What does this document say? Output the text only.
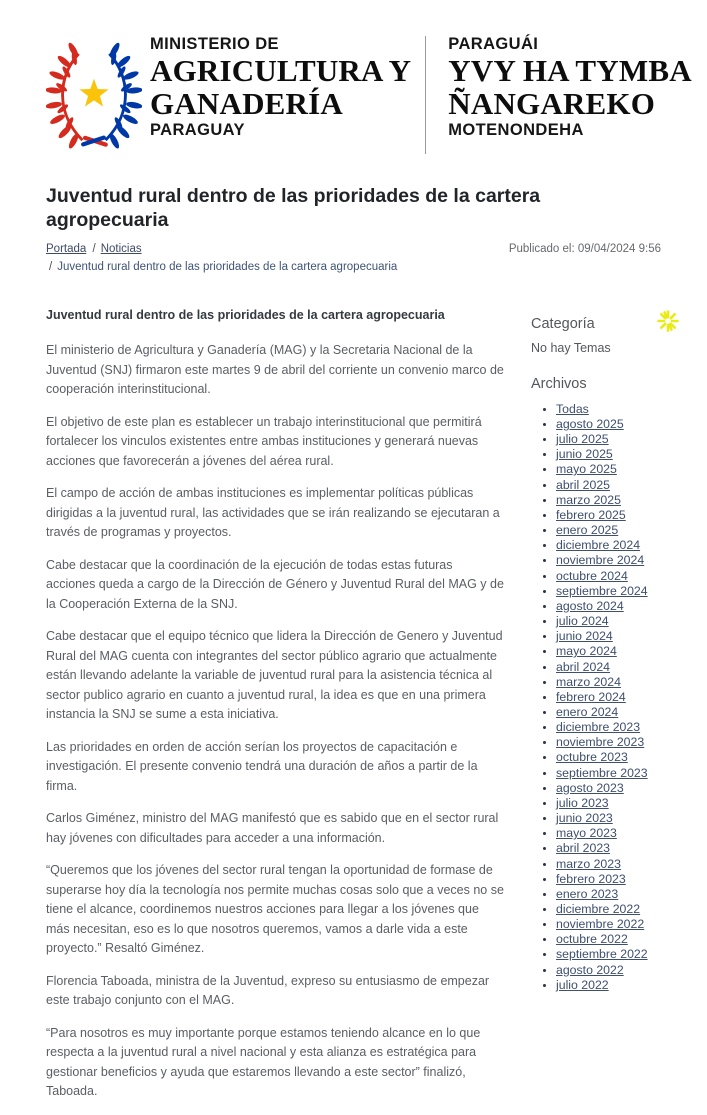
MINISTERIO DE
AGRICULTURA Y
GANADERÍA
PARAGUAY
PARAGUÁI
YVY HA TYMBA
ÑANGAREKO
MOTENONDEHA
Juventud rural dentro de las prioridades de la cartera agropecuaria
Portada / Noticias / Juventud rural dentro de las prioridades de la cartera agropecuaria
Publicado el: 09/04/2024 9:56
Juventud rural dentro de las prioridades de la cartera agropecuaria

El ministerio de Agricultura y Ganadería (MAG) y la Secretaria Nacional de la Juventud (SNJ) firmaron este martes 9 de abril del corriente un convenio marco de cooperación interinstitucional.

El objetivo de este plan es establecer un trabajo interinstitucional que permitirá fortalecer los vinculos existentes entre ambas instituciones y generará nuevas acciones que favorecerán a jóvenes del aérea rural.

El campo de acción de ambas instituciones es implementar políticas públicas dirigidas a la juventud rural, las actividades que se irán realizando se ejecutaran a través de programas y proyectos.

Cabe destacar que la coordinación de la ejecución de todas estas futuras acciones queda a cargo de la Dirección de Género y Juventud Rural del MAG y de la Cooperación Externa de la SNJ.

Cabe destacar que el equipo técnico que lidera la Dirección de Genero y Juventud Rural del MAG cuenta con integrantes del sector público agrario que actualmente están llevando adelante la variable de juventud rural para la asistencia técnica al sector publico agrario en cuanto a juventud rural, la idea es que en una primera instancia la SNJ se sume a esta iniciativa.

Las prioridades en orden de acción serían los proyectos de capacitación e investigación. El presente convenio tendrá una duración de años a partir de la firma.

Carlos Giménez, ministro del MAG manifestó que es sabido que en el sector rural hay jóvenes con dificultades para acceder a una información.

“Queremos que los jóvenes del sector rural tengan la oportunidad de formase de superarse hoy día la tecnología nos permite muchas cosas solo que a veces no se tiene el alcance, coordinemos nuestros acciones para llegar a los jóvenes que más necesitan, eso es lo que nosotros queremos, vamos a darle vida a este proyecto.” Resaltó Giménez.

Florencia Taboada, ministra de la Juventud, expreso su entusiasmo de empezar este trabajo conjunto con el MAG.

“Para nosotros es muy importante porque estamos teniendo alcance en lo que respecta a la juventud rural a nivel nacional y esta alianza es estratégica para gestionar beneficios y ayuda que estaremos llevando a este sector” finalizó, Taboada.

Categoría

No hay Temas

Archivos
• Todas
• agosto 2025
• julio 2025
• junio 2025
• mayo 2025
• abril 2025
• marzo 2025
• febrero 2025
• enero 2025
• diciembre 2024
• noviembre 2024
• octubre 2024
• septiembre 2024
• agosto 2024
• julio 2024
• junio 2024
• mayo 2024
• abril 2024
• marzo 2024
• febrero 2024
• enero 2024
• diciembre 2023
• noviembre 2023
• octubre 2023
• septiembre 2023
• agosto 2023
• julio 2023
• junio 2023
• mayo 2023
• abril 2023
• marzo 2023
• febrero 2023
• enero 2023
• diciembre 2022
• noviembre 2022
• octubre 2022
• septiembre 2022
• agosto 2022
• julio 2022
